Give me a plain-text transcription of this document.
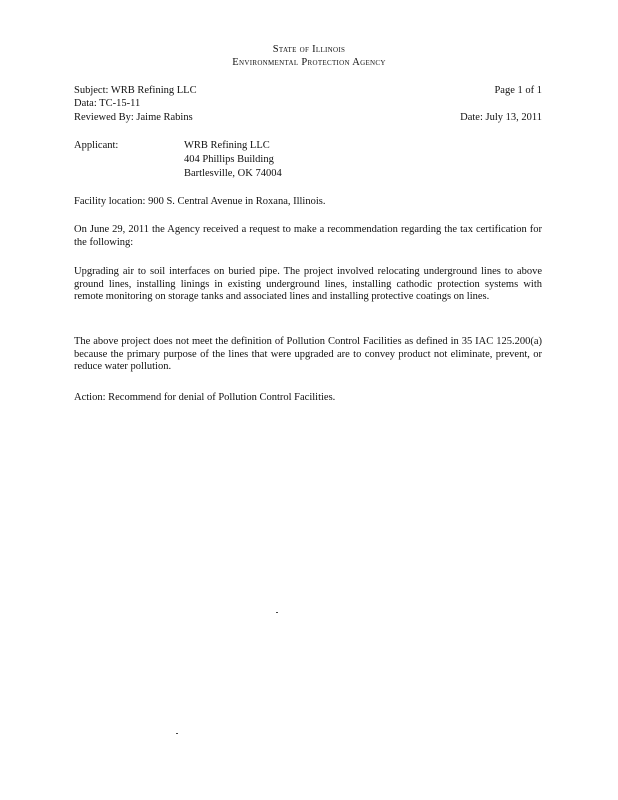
State of Illinois
Environmental Protection Agency
Subject: WRB Refining LLC	Page 1 of 1
Data: TC-15-11
Reviewed By: Jaime Rabins	Date: July 13, 2011
Applicant:	WRB Refining LLC
404 Phillips Building
Bartlesville, OK 74004
Facility location: 900 S. Central Avenue in Roxana, Illinois.
On June 29, 2011 the Agency received a request to make a recommendation regarding the tax certification for the following:
Upgrading air to soil interfaces on buried pipe. The project involved relocating underground lines to above ground lines, installing linings in existing underground lines, installing cathodic protection systems with remote monitoring on storage tanks and associated lines and installing protective coatings on lines.
The above project does not meet the definition of Pollution Control Facilities as defined in 35 IAC 125.200(a) because the primary purpose of the lines that were upgraded are to convey product not eliminate, prevent, or reduce water pollution.
Action: Recommend for denial of Pollution Control Facilities.
